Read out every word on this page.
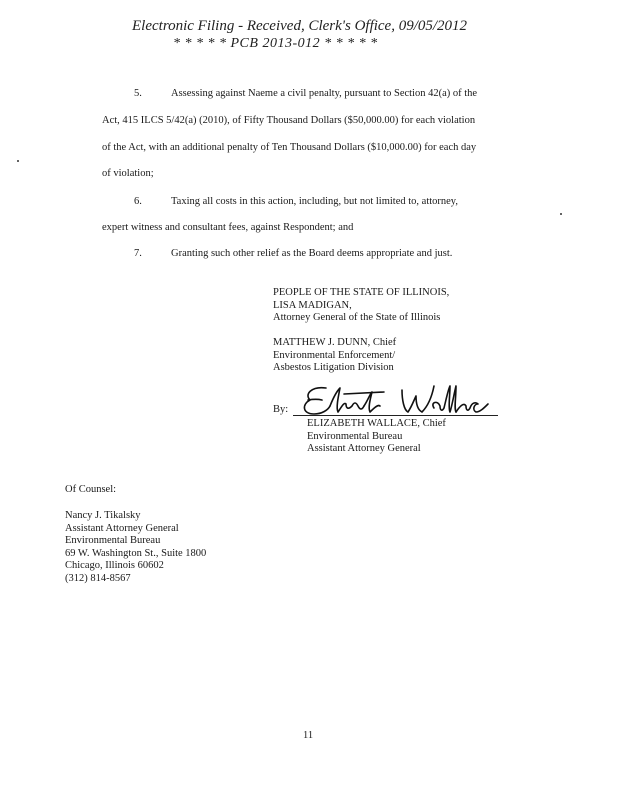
Electronic Filing - Received, Clerk's Office, 09/05/2012
* * * * * PCB 2013-012 * * * * *
5.	Assessing against Naeme a civil penalty, pursuant to Section 42(a) of the
Act, 415 ILCS 5/42(a) (2010), of Fifty Thousand Dollars ($50,000.00) for each violation
of the Act, with an additional penalty of Ten Thousand Dollars ($10,000.00) for each day
of violation;
6.	Taxing all costs in this action, including, but not limited to, attorney,
expert witness and consultant fees, against Respondent; and
7.	Granting such other relief as the Board deems appropriate and just.
PEOPLE OF THE STATE OF ILLINOIS,
LISA MADIGAN,
Attorney General of the State of Illinois
MATTHEW J. DUNN, Chief
Environmental Enforcement/
Asbestos Litigation Division
By:
ELIZABETH WALLACE, Chief
Environmental Bureau
Assistant Attorney General
Of Counsel:
Nancy J. Tikalsky
Assistant Attorney General
Environmental Bureau
69 W. Washington St., Suite 1800
Chicago, Illinois 60602
(312) 814-8567
11
